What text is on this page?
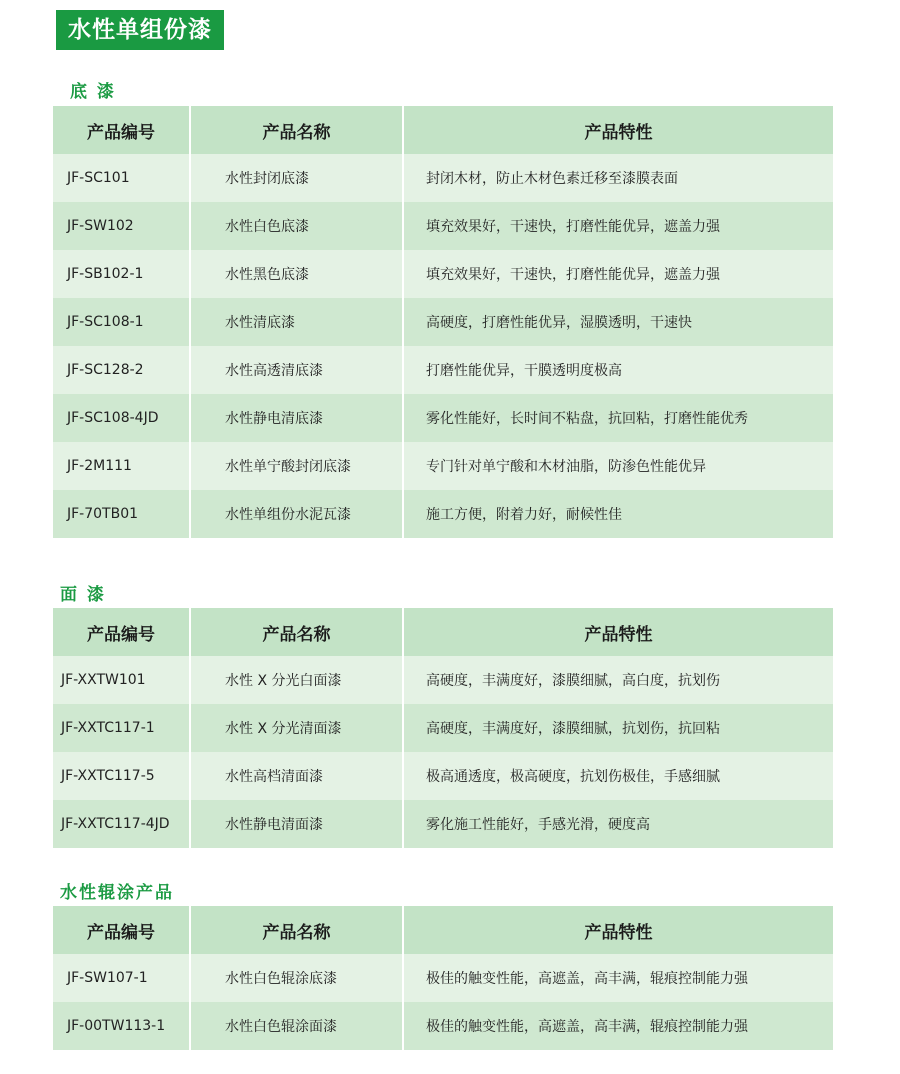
水性单组份漆
底 漆
产品编号	产品名称	产品特性
JF-SC101	水性封闭底漆	封闭木材，防止木材色素迁移至漆膜表面
JF-SW102	水性白色底漆	填充效果好，干速快，打磨性能优异，遮盖力强
JF-SB102-1	水性黑色底漆	填充效果好，干速快，打磨性能优异，遮盖力强
JF-SC108-1	水性清底漆	高硬度，打磨性能优异，湿膜透明，干速快
JF-SC128-2	水性高透清底漆	打磨性能优异，干膜透明度极高
JF-SC108-4JD	水性静电清底漆	雾化性能好，长时间不粘盘，抗回粘，打磨性能优秀
JF-2M111	水性单宁酸封闭底漆	专门针对单宁酸和木材油脂，防渗色性能优异
JF-70TB01	水性单组份水泥瓦漆	施工方便，附着力好，耐候性佳
面 漆
产品编号	产品名称	产品特性
JF-XXTW101	水性 X 分光白面漆	高硬度，丰满度好，漆膜细腻，高白度，抗划伤
JF-XXTC117-1	水性 X 分光清面漆	高硬度，丰满度好，漆膜细腻，抗划伤，抗回粘
JF-XXTC117-5	水性高档清面漆	极高通透度，极高硬度，抗划伤极佳，手感细腻
JF-XXTC117-4JD	水性静电清面漆	雾化施工性能好，手感光滑，硬度高
水性辊涂产品
产品编号	产品名称	产品特性
JF-SW107-1	水性白色辊涂底漆	极佳的触变性能，高遮盖，高丰满，辊痕控制能力强
JF-00TW113-1	水性白色辊涂面漆	极佳的触变性能，高遮盖，高丰满，辊痕控制能力强
